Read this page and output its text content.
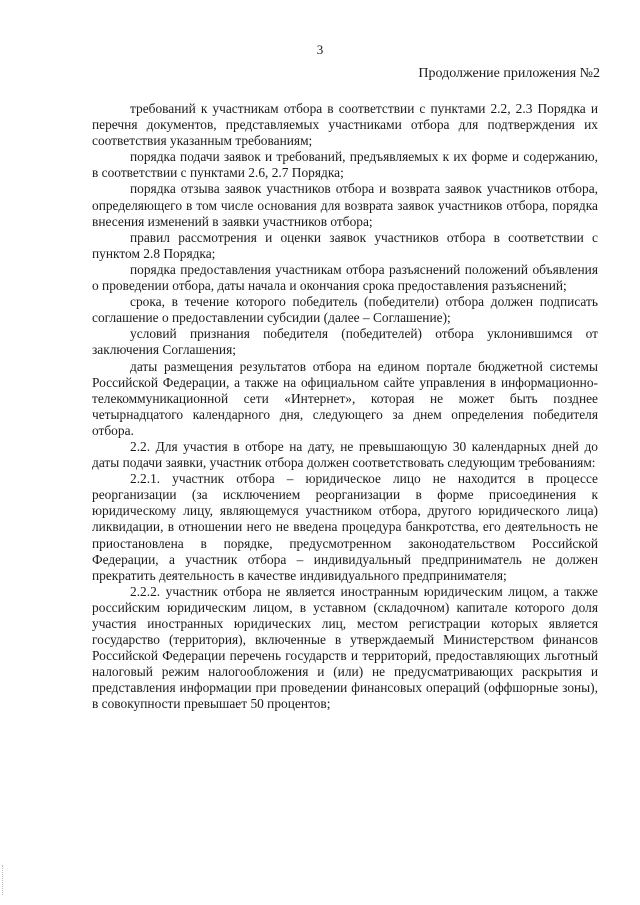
3
Продолжение приложения №2

требований к участникам отбора в соответствии с пунктами 2.2, 2.3 Порядка и перечня документов, представляемых участниками отбора для подтверждения их соответствия указанным требованиям;

порядка подачи заявок и требований, предъявляемых к их форме и содержанию, в соответствии с пунктами 2.6, 2.7 Порядка;

порядка отзыва заявок участников отбора и возврата заявок участников отбора, определяющего в том числе основания для возврата заявок участников отбора, порядка внесения изменений в заявки участников отбора;

правил рассмотрения и оценки заявок участников отбора в соответствии с пунктом 2.8 Порядка;

порядка предоставления участникам отбора разъяснений положений объявления о проведении отбора, даты начала и окончания срока предоставления разъяснений;

срока, в течение которого победитель (победители) отбора должен подписать соглашение о предоставлении субсидии (далее – Соглашение);

условий признания победителя (победителей) отбора уклонившимся от заключения Соглашения;

даты размещения результатов отбора на едином портале бюджетной системы Российской Федерации, а также на официальном сайте управления в информационно-телекоммуникационной сети «Интернет», которая не может быть позднее четырнадцатого календарного дня, следующего за днем определения победителя отбора.

2.2. Для участия в отборе на дату, не превышающую 30 календарных дней до даты подачи заявки, участник отбора должен соответствовать следующим требованиям:

2.2.1. участник отбора – юридическое лицо не находится в процессе реорганизации (за исключением реорганизации в форме присоединения к юридическому лицу, являющемуся участником отбора, другого юридического лица) ликвидации, в отношении него не введена процедура банкротства, его деятельность не приостановлена в порядке, предусмотренном законодательством Российской Федерации, а участник отбора – индивидуальный предприниматель не должен прекратить деятельность в качестве индивидуального предпринимателя;

2.2.2. участник отбора не является иностранным юридическим лицом, а также российским юридическим лицом, в уставном (складочном) капитале которого доля участия иностранных юридических лиц, местом регистрации которых является государство (территория), включенные в утверждаемый Министерством финансов Российской Федерации перечень государств и территорий, предоставляющих льготный налоговый режим налогообложения и (или) не предусматривающих раскрытия и представления информации при проведении финансовых операций (оффшорные зоны), в совокупности превышает 50 процентов;
